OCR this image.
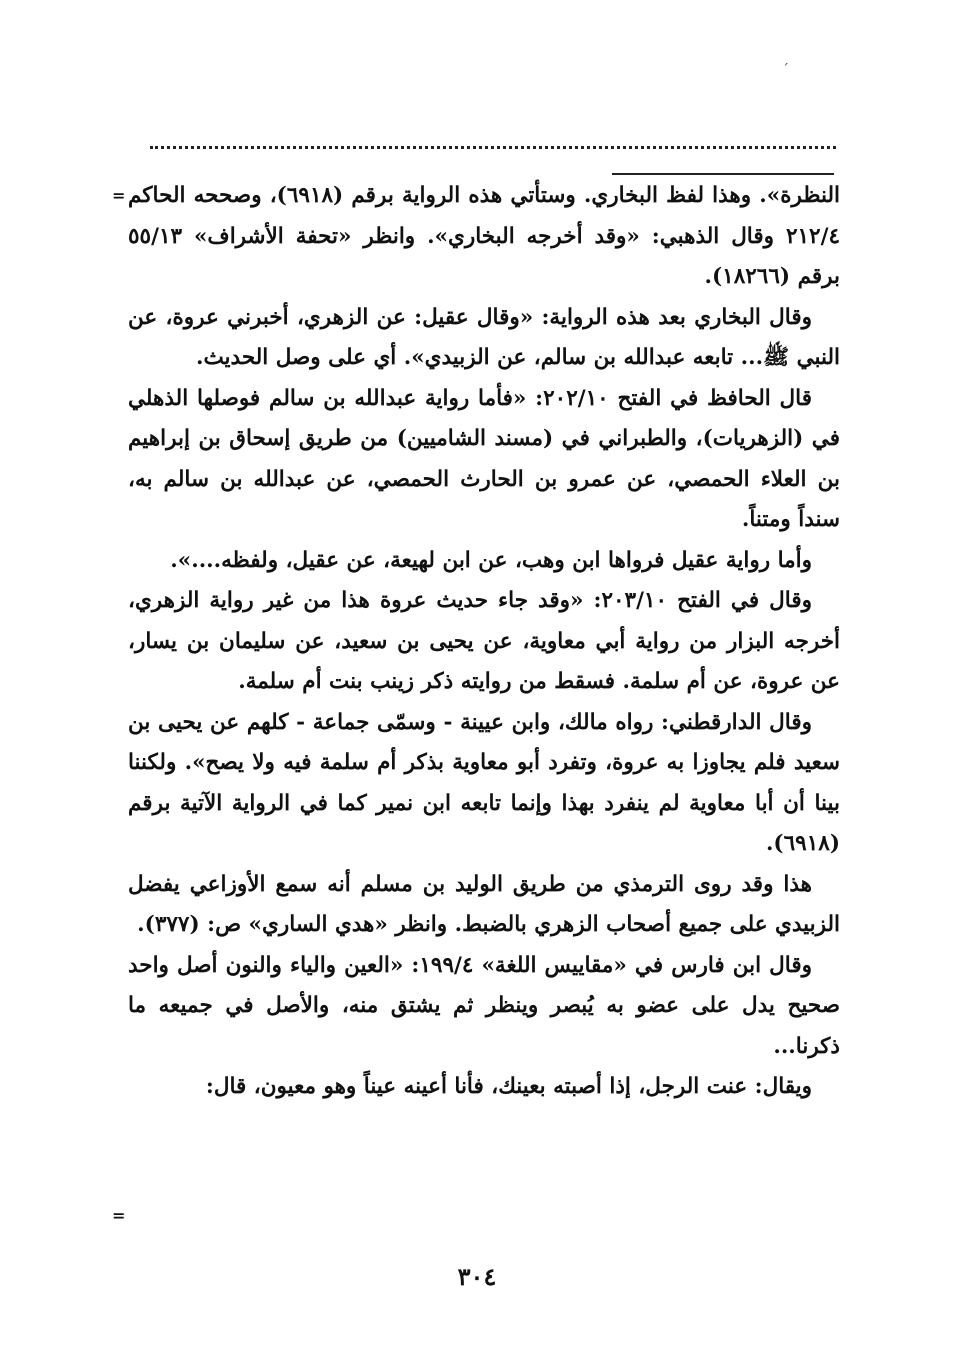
ˊ
= النظرة». وهذا لفظ البخاري. وستأتي هذه الرواية برقم (٦٩١٨)، وصححه الحاكم ٢١٢/٤ وقال الذهبي: «وقد أخرجه البخاري». وانظر «تحفة الأشراف» ٥٥/١٣ برقم (١٨٢٦٦).

وقال البخاري بعد هذه الرواية: «وقال عقيل: عن الزهري، أخبرني عروة، عن النبي ﷺ... تابعه عبدالله بن سالم، عن الزبيدي». أي على وصل الحديث.

قال الحافظ في الفتح ٢٠٢/١٠: «فأما رواية عبدالله بن سالم فوصلها الذهلي في (الزهريات)، والطبراني في (مسند الشاميين) من طريق إسحاق بن إبراهيم بن العلاء الحمصي، عن عمرو بن الحارث الحمصي، عن عبدالله بن سالم به، سنداً ومتناً.

وأما رواية عقيل فرواها ابن وهب، عن ابن لهيعة، عن عقيل، ولفظه....».

وقال في الفتح ٢٠٣/١٠: «وقد جاء حديث عروة هذا من غير رواية الزهري، أخرجه البزار من رواية أبي معاوية، عن يحيى بن سعيد، عن سليمان بن يسار، عن عروة، عن أم سلمة. فسقط من روايته ذكر زينب بنت أم سلمة.

وقال الدارقطني: رواه مالك، وابن عيينة - وسمّى جماعة - كلهم عن يحيى بن سعيد فلم يجاوزا به عروة، وتفرد أبو معاوية بذكر أم سلمة فيه ولا يصح». ولكننا بينا أن أبا معاوية لم ينفرد بهذا وإنما تابعه ابن نمير كما في الرواية الآتية برقم (٦٩١٨).

هذا وقد روى الترمذي من طريق الوليد بن مسلم أنه سمع الأوزاعي يفضل الزبيدي على جميع أصحاب الزهري بالضبط. وانظر «هدي الساري» ص: (٣٧٧).

وقال ابن فارس في «مقاييس اللغة» ١٩٩/٤: «العين والياء والنون أصل واحد صحيح يدل على عضو به يُبصر وينظر ثم يشتق منه، والأصل في جميعه ما ذكرنا...

ويقال: عنت الرجل، إذا أصبته بعينك، فأنا أعينه عيناً وهو معيون، قال:

=
٣٠٤
